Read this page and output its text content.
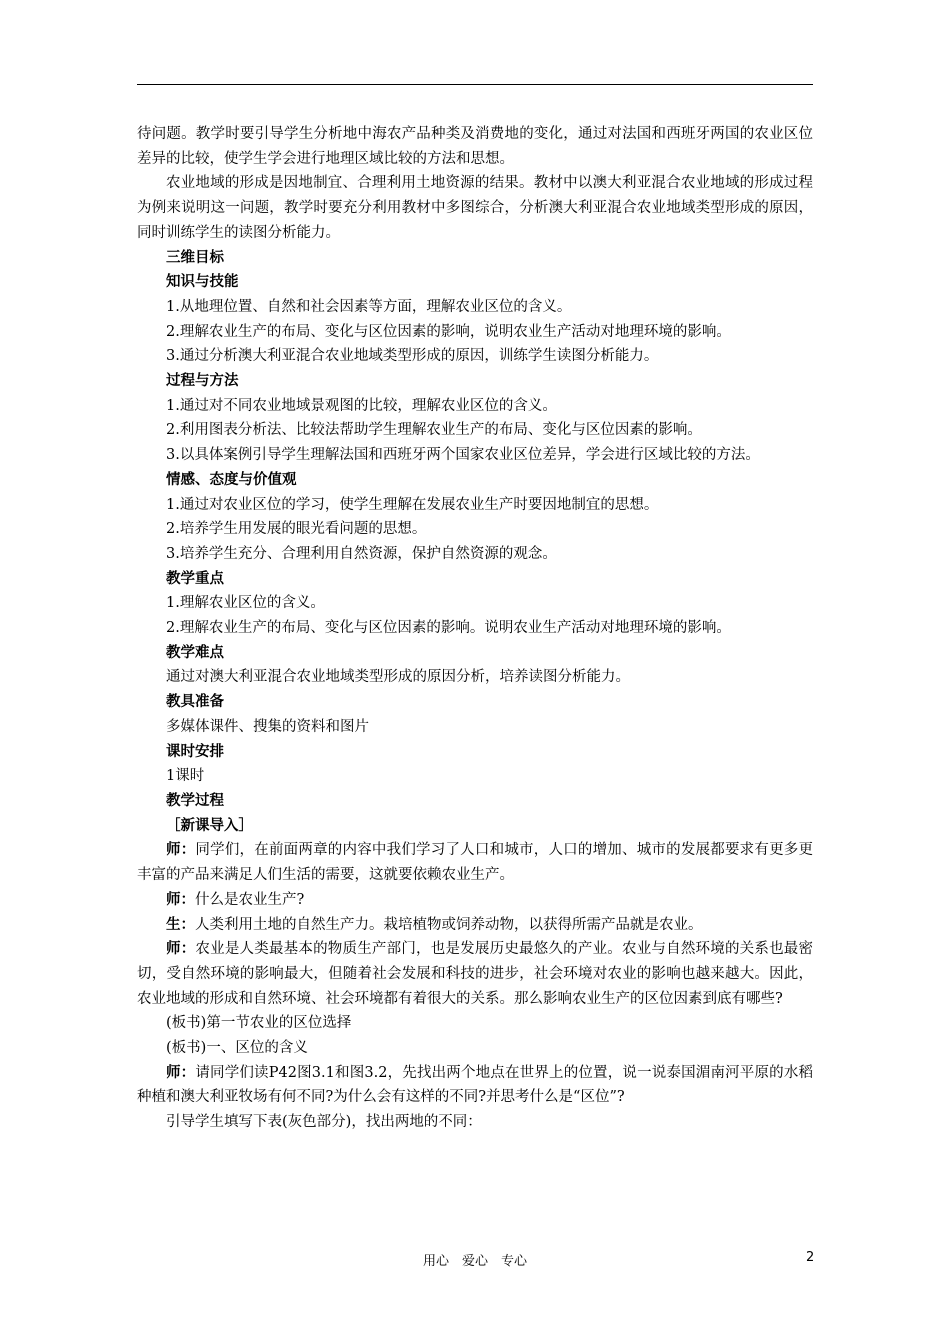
待问题。教学时要引导学生分析地中海农产品种类及消费地的变化，通过对法国和西班牙两国的农业区位差异的比较，使学生学会进行地理区域比较的方法和思想。

农业地域的形成是因地制宜、合理利用土地资源的结果。教材中以澳大利亚混合农业地域的形成过程为例来说明这一问题，教学时要充分利用教材中多图综合，分析澳大利亚混合农业地域类型形成的原因，同时训练学生的读图分析能力。

三维目标

知识与技能

1.从地理位置、自然和社会因素等方面，理解农业区位的含义。

2.理解农业生产的布局、变化与区位因素的影响，说明农业生产活动对地理环境的影响。

3.通过分析澳大利亚混合农业地域类型形成的原因，训练学生读图分析能力。

过程与方法

1.通过对不同农业地域景观图的比较，理解农业区位的含义。

2.利用图表分析法、比较法帮助学生理解农业生产的布局、变化与区位因素的影响。

3.以具体案例引导学生理解法国和西班牙两个国家农业区位差异，学会进行区域比较的方法。

情感、态度与价值观

1.通过对农业区位的学习，使学生理解在发展农业生产时要因地制宜的思想。

2.培养学生用发展的眼光看问题的思想。

3.培养学生充分、合理利用自然资源，保护自然资源的观念。

教学重点

1.理解农业区位的含义。

2.理解农业生产的布局、变化与区位因素的影响。说明农业生产活动对地理环境的影响。

教学难点

通过对澳大利亚混合农业地域类型形成的原因分析，培养读图分析能力。

教具准备

多媒体课件、搜集的资料和图片

课时安排

1课时

教学过程

［新课导入］

师：同学们，在前面两章的内容中我们学习了人口和城市，人口的增加、城市的发展都要求有更多更丰富的产品来满足人们生活的需要，这就要依赖农业生产。

师：什么是农业生产?

生：人类利用土地的自然生产力。栽培植物或饲养动物，以获得所需产品就是农业。

师：农业是人类最基本的物质生产部门，也是发展历史最悠久的产业。农业与自然环境的关系也最密切，受自然环境的影响最大，但随着社会发展和科技的进步，社会环境对农业的影响也越来越大。因此，农业地域的形成和自然环境、社会环境都有着很大的关系。那么影响农业生产的区位因素到底有哪些?

(板书)第一节农业的区位选择

(板书)一、区位的含义

师：请同学们读P42图3.1和图3.2，先找出两个地点在世界上的位置，说一说泰国湄南河平原的水稻种植和澳大利亚牧场有何不同?为什么会有这样的不同?并思考什么是“区位”?

引导学生填写下表(灰色部分)，找出两地的不同：

用心　爱心　专心	2
